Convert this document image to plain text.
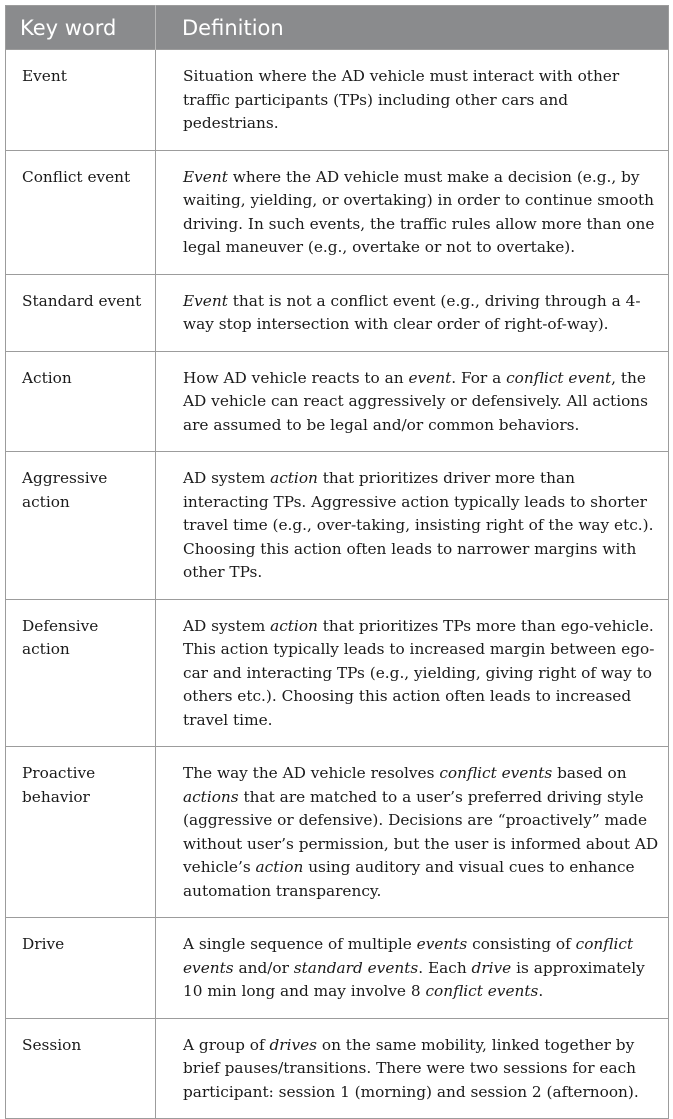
Key word	Definition
Event	Situation where the AD vehicle must interact with other traffic participants (TPs) including other cars and pedestrians.
Conflict event	Event where the AD vehicle must make a decision (e.g., by waiting, yielding, or overtaking) in order to continue smooth driving. In such events, the traffic rules allow more than one legal maneuver (e.g., overtake or not to overtake).
Standard event	Event that is not a conflict event (e.g., driving through a 4-way stop intersection with clear order of right-of-way).
Action	How AD vehicle reacts to an event. For a conflict event, the AD vehicle can react aggressively or defensively. All actions are assumed to be legal and/or common behaviors.
Aggressive action	AD system action that prioritizes driver more than interacting TPs. Aggressive action typically leads to shorter travel time (e.g., over-taking, insisting right of the way etc.). Choosing this action often leads to narrower margins with other TPs.
Defensive action	AD system action that prioritizes TPs more than ego-vehicle. This action typically leads to increased margin between ego-car and interacting TPs (e.g., yielding, giving right of way to others etc.). Choosing this action often leads to increased travel time.
Proactive behavior	The way the AD vehicle resolves conflict events based on actions that are matched to a user’s preferred driving style (aggressive or defensive). Decisions are “proactively” made without user’s permission, but the user is informed about AD vehicle’s action using auditory and visual cues to enhance automation transparency.
Drive	A single sequence of multiple events consisting of conflict events and/or standard events. Each drive is approximately 10 min long and may involve 8 conflict events.
Session	A group of drives on the same mobility, linked together by brief pauses/transitions. There were two sessions for each participant: session 1 (morning) and session 2 (afternoon).
